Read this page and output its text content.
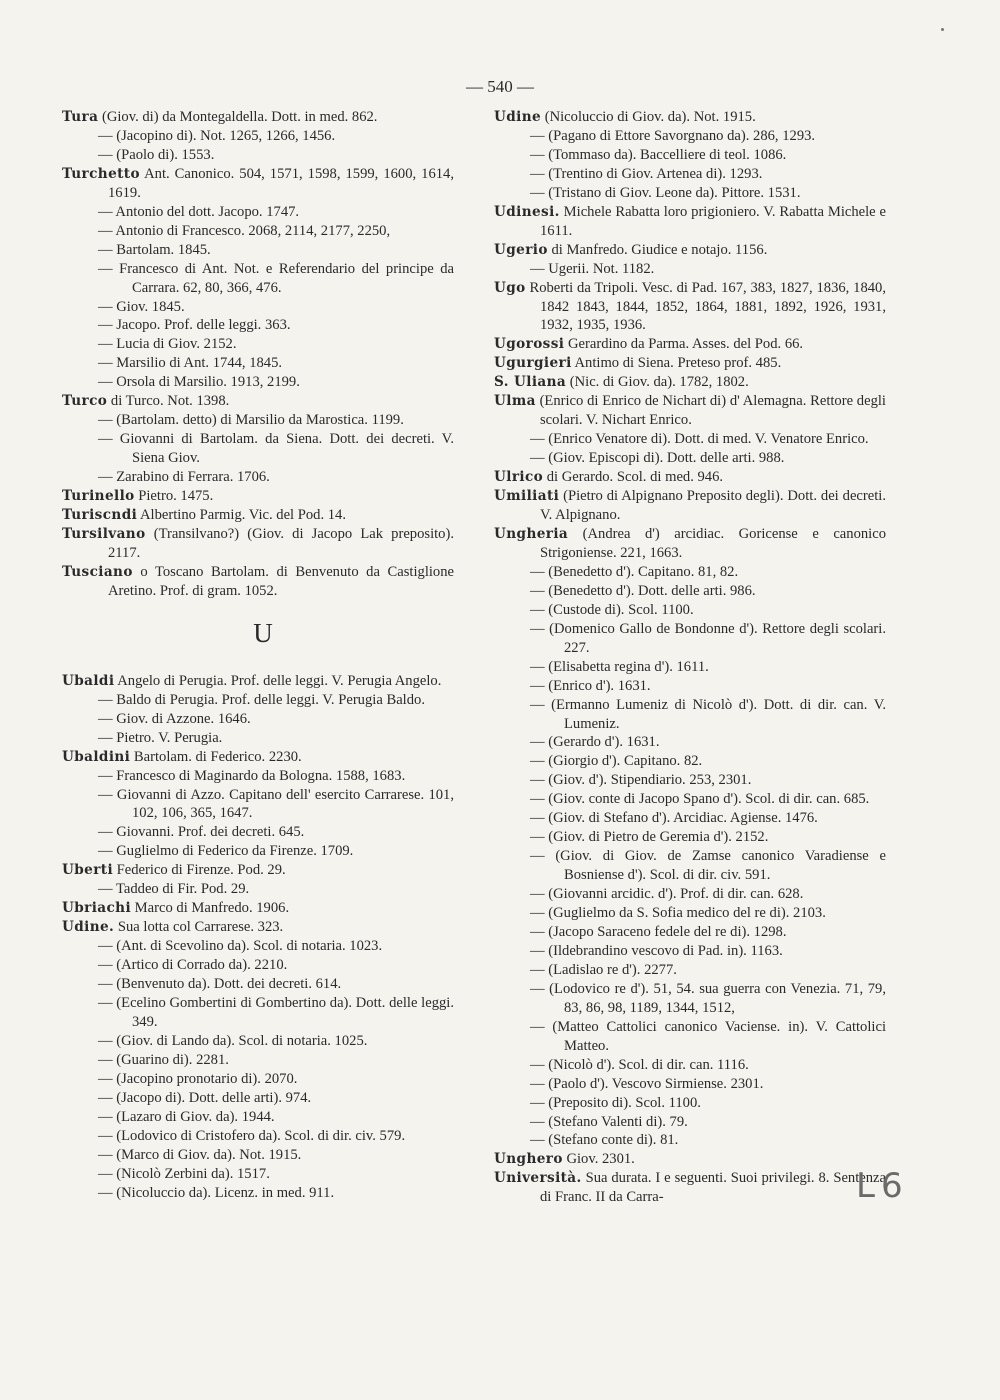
— 540 —
Tura (Giov. di) da Montegaldella. Dott. in med. 862.
— (Jacopino di). Not. 1265, 1266, 1456.
— (Paolo di). 1553.
Turchetto Ant. Canonico. 504, 1571, 1598, 1599, 1600, 1614, 1619.
— Antonio del dott. Jacopo. 1747.
— Antonio di Francesco. 2068, 2114, 2177, 2250,
— Bartolam. 1845.
— Francesco di Ant. Not. e Referendario del principe da Carrara. 62, 80, 366, 476.
— Giov. 1845.
— Jacopo. Prof. delle leggi. 363.
— Lucia di Giov. 2152.
— Marsilio di Ant. 1744, 1845.
— Orsola di Marsilio. 1913, 2199.
Turco di Turco. Not. 1398.
— (Bartolam. detto) di Marsilio da Marostica. 1199.
— Giovanni di Bartolam. da Siena. Dott. dei decreti. V. Siena Giov.
— Zarabino di Ferrara. 1706.
Turinello Pietro. 1475.
Turiscndi Albertino Parmig. Vic. del Pod. 14.
Tursilvano (Transilvano?) (Giov. di Jacopo Lak preposito). 2117.
Tusciano o Toscano Bartolam. di Benvenuto da Castiglione Aretino. Prof. di gram. 1052.
U
Ubaldi Angelo di Perugia. Prof. delle leggi. V. Perugia Angelo.
— Baldo di Perugia. Prof. delle leggi. V. Perugia Baldo.
— Giov. di Azzone. 1646.
— Pietro. V. Perugia.
Ubaldini Bartolam. di Federico. 2230.
— Francesco di Maginardo da Bologna. 1588, 1683.
— Giovanni di Azzo. Capitano dell' esercito Carrarese. 101, 102, 106, 365, 1647.
— Giovanni. Prof. dei decreti. 645.
— Guglielmo di Federico da Firenze. 1709.
Uberti Federico di Firenze. Pod. 29.
— Taddeo di Fir. Pod. 29.
Ubriachi Marco di Manfredo. 1906.
Udine. Sua lotta col Carrarese. 323.
— (Ant. di Scevolino da). Scol. di notaria. 1023.
— (Artico di Corrado da). 2210.
— (Benvenuto da). Dott. dei decreti. 614.
— (Ecelino Gombertini di Gombertino da). Dott. delle leggi. 349.
— (Giov. di Lando da). Scol. di notaria. 1025.
— (Guarino di). 2281.
— (Jacopino pronotario di). 2070.
— (Jacopo di). Dott. delle arti). 974.
— (Lazaro di Giov. da). 1944.
— (Lodovico di Cristofero da). Scol. di dir. civ. 579.
— (Marco di Giov. da). Not. 1915.
— (Nicolò Zerbini da). 1517.
— (Nicoluccio da). Licenz. in med. 911.
Udine (Nicoluccio di Giov. da). Not. 1915.
— (Pagano di Ettore Savorgnano da). 286, 1293.
— (Tommaso da). Baccelliere di teol. 1086.
— (Trentino di Giov. Artenea di). 1293.
— (Tristano di Giov. Leone da). Pittore. 1531.
Udinesi. Michele Rabatta loro prigioniero. V. Rabatta Michele e 1611.
Ugerio di Manfredo. Giudice e notajo. 1156.
— Ugerii. Not. 1182.
Ugo Roberti da Tripoli. Vesc. di Pad. 167, 383, 1827, 1836, 1840, 1842 1843, 1844, 1852, 1864, 1881, 1892, 1926, 1931, 1932, 1935, 1936.
Ugorossi Gerardino da Parma. Asses. del Pod. 66.
Ugurgieri Antimo di Siena. Preteso prof. 485.
S. Uliana (Nic. di Giov. da). 1782, 1802.
Ulma (Enrico di Enrico de Nichart di) d' Alemagna. Rettore degli scolari. V. Nichart Enrico.
— (Enrico Venatore di). Dott. di med. V. Venatore Enrico.
— (Giov. Episcopi di). Dott. delle arti. 988.
Ulrico di Gerardo. Scol. di med. 946.
Umiliati (Pietro di Alpignano Preposito degli). Dott. dei decreti. V. Alpignano.
Ungheria (Andrea d') arcidiac. Goricense e canonico Strigoniense. 221, 1663.
— (Benedetto d'). Capitano. 81, 82.
— (Benedetto d'). Dott. delle arti. 986.
— (Custode di). Scol. 1100.
— (Domenico Gallo de Bondonne d'). Rettore degli scolari. 227.
— (Elisabetta regina d'). 1611.
— (Enrico d'). 1631.
— (Ermanno Lumeniz di Nicolò d'). Dott. di dir. can. V. Lumeniz.
— (Gerardo d'). 1631.
— (Giorgio d'). Capitano. 82.
— (Giov. d'). Stipendiario. 253, 2301.
— (Giov. conte di Jacopo Spano d'). Scol. di dir. can. 685.
— (Giov. di Stefano d'). Arcidiac. Agiense. 1476.
— (Giov. di Pietro de Geremia d'). 2152.
— (Giov. di Giov. de Zamse canonico Varadiense e Bosniense d'). Scol. di dir. civ. 591.
— (Giovanni arcidic. d'). Prof. di dir. can. 628.
— (Guglielmo da S. Sofia medico del re di). 2103.
— (Jacopo Saraceno fedele del re di). 1298.
— (Ildebrandino vescovo di Pad. in). 1163.
— (Ladislao re d'). 2277.
— (Lodovico re d'). 51, 54. sua guerra con Venezia. 71, 79, 83, 86, 98, 1189, 1344, 1512,
— (Matteo Cattolici canonico Vaciense. in). V. Cattolici Matteo.
— (Nicolò d'). Scol. di dir. can. 1116.
— (Paolo d'). Vescovo Sirmiense. 2301.
— (Preposito di). Scol. 1100.
— (Stefano Valenti di). 79.
— (Stefano conte di). 81.
Unghero Giov. 2301.
Università. Sua durata. I e seguenti. Suoi privilegi. 8. Sentenza di Franc. II da Carra-	L6
